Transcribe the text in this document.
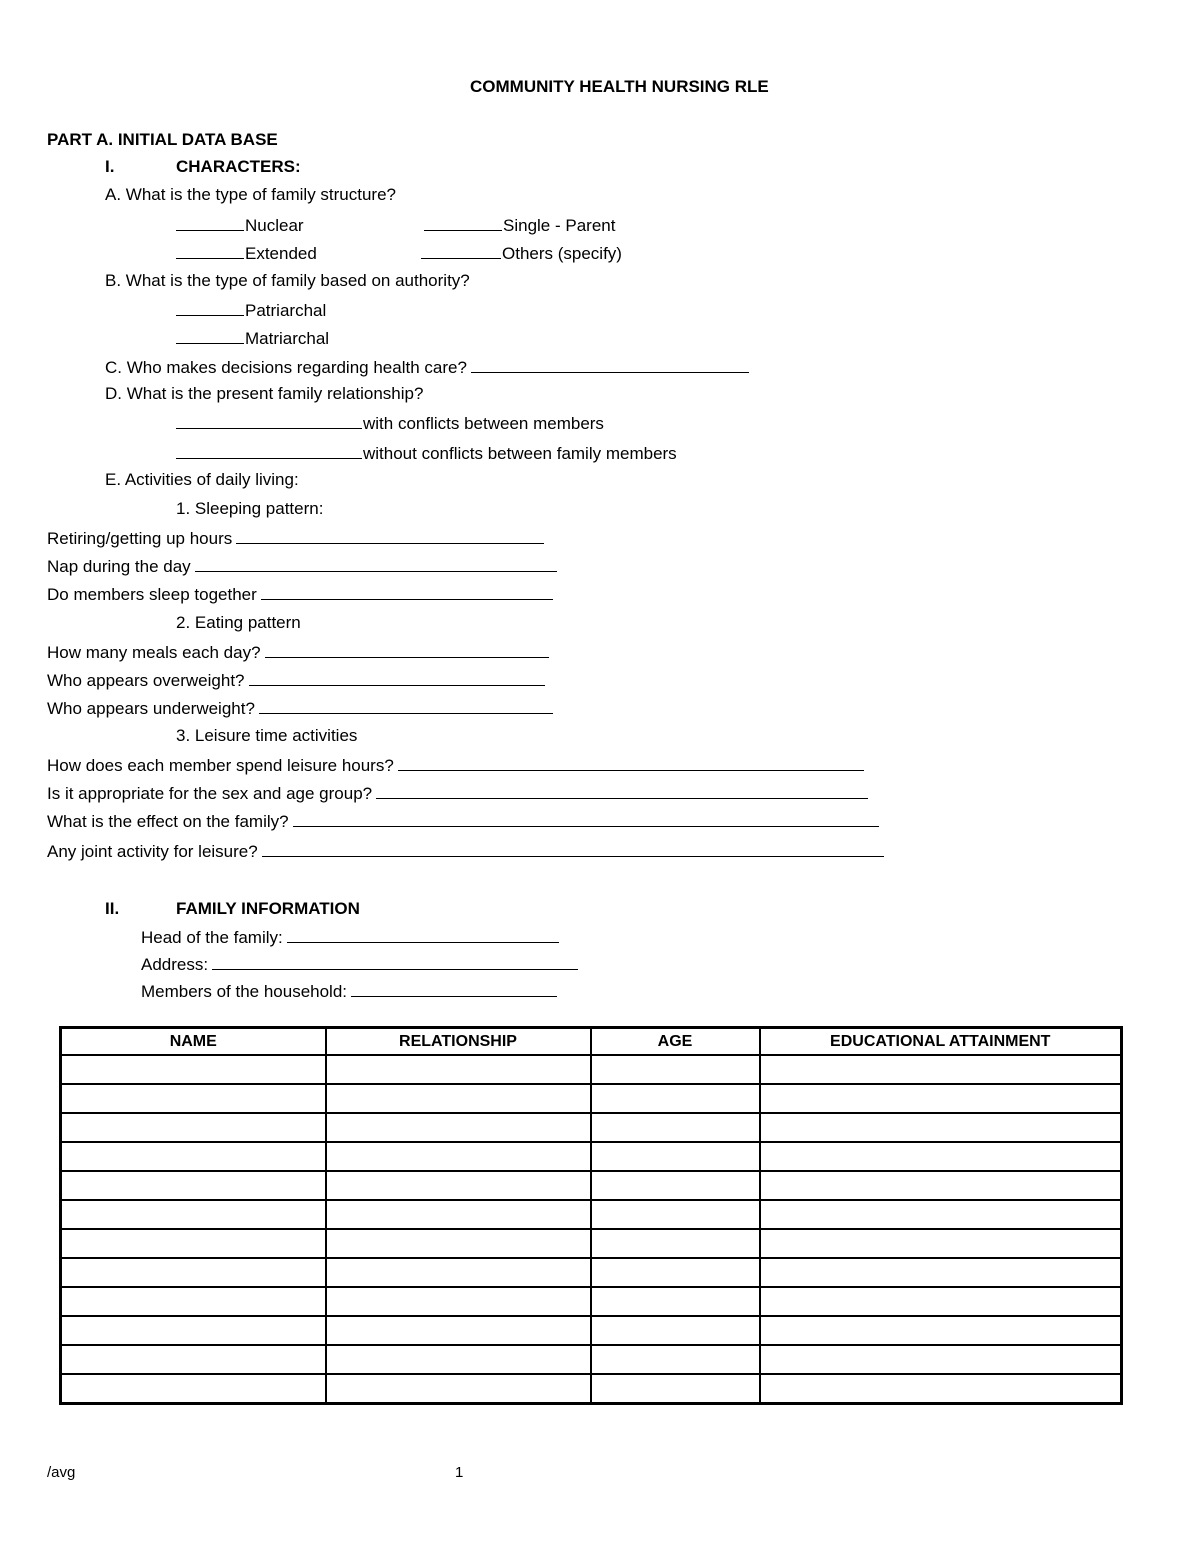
COMMUNITY HEALTH NURSING RLE
PART A. INITIAL DATA BASE
I.	CHARACTERS:
A. What is the type of family structure?
Nuclear	Single - Parent
Extended	Others (specify)
B. What is the type of family based on authority?
Patriarchal
Matriarchal
C. Who makes decisions regarding health care?
D. What is the present family relationship?
with conflicts between members
without conflicts between family members
E. Activities of daily living:
1. Sleeping pattern:
Retiring/getting up hours
Nap during the day
Do members sleep together
2. Eating pattern
How many meals each day?
Who appears overweight?
Who appears underweight?
3. Leisure time activities
How does each member spend leisure hours?
Is it appropriate for the sex and age group?
What is the effect on the family?
Any joint activity for leisure?
II.	FAMILY INFORMATION
Head of the family:
Address:
Members of the household:
NAME	RELATIONSHIP	AGE	EDUCATIONAL ATTAINMENT

/avg	1
